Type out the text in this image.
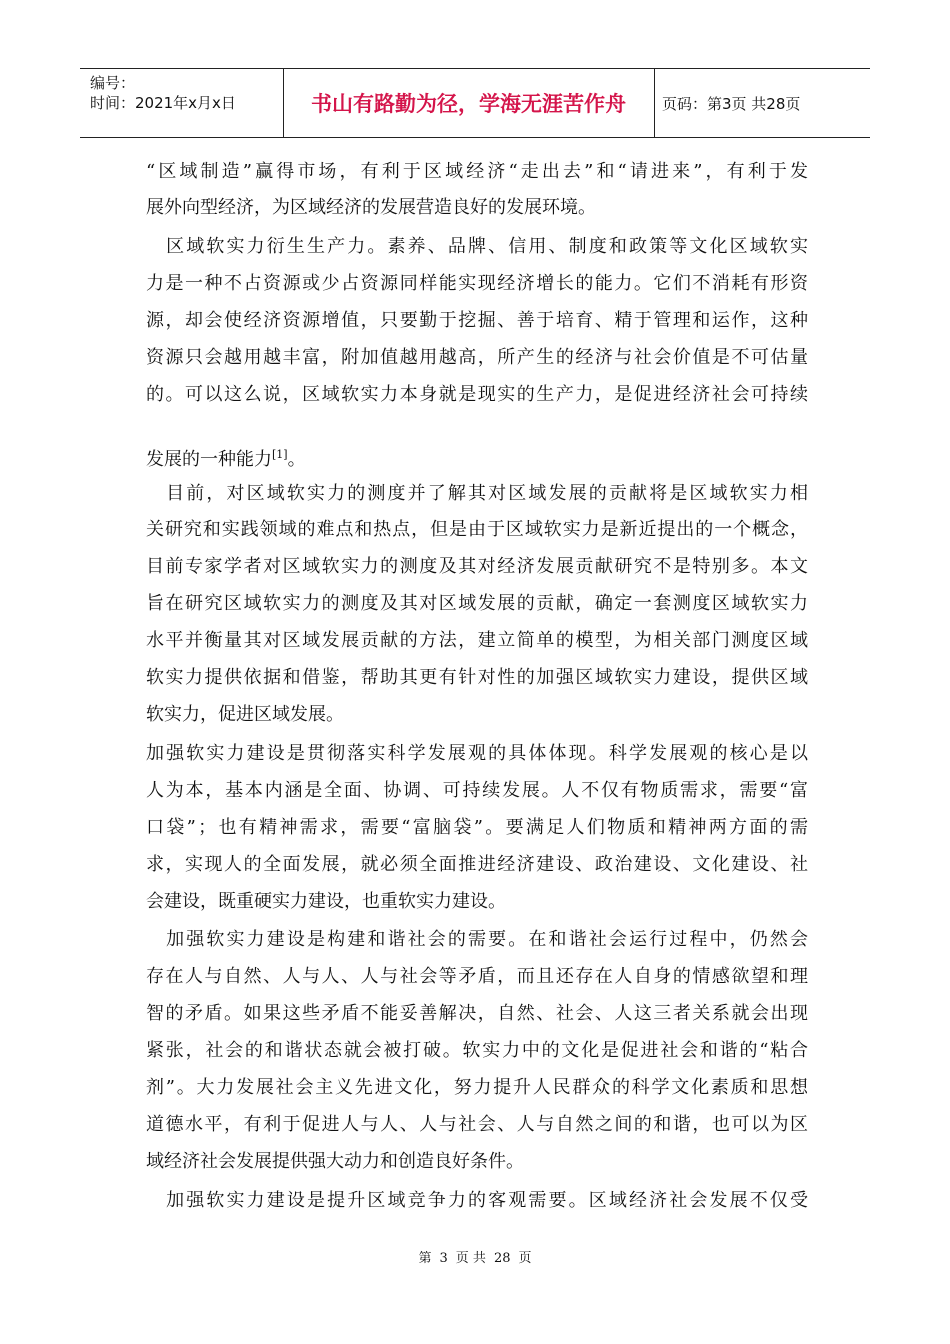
编号：
时间：2021年x月x日	书山有路勤为径，学海无涯苦作舟	页码：第3页 共28页
“区域制造”赢得市场，有利于区域经济“走出去”和“请进来”，有利于发
展外向型经济，为区域经济的发展营造良好的发展环境。
　区域软实力衍生生产力。素养、品牌、信用、制度和政策等文化区域软实
力是一种不占资源或少占资源同样能实现经济增长的能力。它们不消耗有形资
源，却会使经济资源增值，只要勤于挖掘、善于培育、精于管理和运作，这种
资源只会越用越丰富，附加值越用越高，所产生的经济与社会价值是不可估量
的。可以这么说，区域软实力本身就是现实的生产力，是促进经济社会可持续
　目前，对区域软实力的测度并了解其对区域发展的贡献将是区域软实力相
关研究和实践领域的难点和热点，但是由于区域软实力是新近提出的一个概念，
目前专家学者对区域软实力的测度及其对经济发展贡献研究不是特别多。本文
旨在研究区域软实力的测度及其对区域发展的贡献，确定一套测度区域软实力
水平并衡量其对区域发展贡献的方法，建立简单的模型，为相关部门测度区域
软实力提供依据和借鉴，帮助其更有针对性的加强区域软实力建设，提供区域
软实力，促进区域发展。
加强软实力建设是贯彻落实科学发展观的具体体现。科学发展观的核心是以
人为本，基本内涵是全面、协调、可持续发展。人不仅有物质需求，需要“富
口袋”；也有精神需求，需要“富脑袋”。要满足人们物质和精神两方面的需
求，实现人的全面发展，就必须全面推进经济建设、政治建设、文化建设、社
会建设，既重硬实力建设，也重软实力建设。
　加强软实力建设是构建和谐社会的需要。在和谐社会运行过程中，仍然会
存在人与自然、人与人、人与社会等矛盾，而且还存在人自身的情感欲望和理
智的矛盾。如果这些矛盾不能妥善解决，自然、社会、人这三者关系就会出现
紧张，社会的和谐状态就会被打破。软实力中的文化是促进社会和谐的“粘合
剂”。大力发展社会主义先进文化，努力提升人民群众的科学文化素质和思想
道德水平，有利于促进人与人、人与社会、人与自然之间的和谐，也可以为区
域经济社会发展提供强大动力和创造良好条件。
　加强软实力建设是提升区域竞争力的客观需要。区域经济社会发展不仅受
发展的一种能力[1]。
第 3 页 共 28 页
